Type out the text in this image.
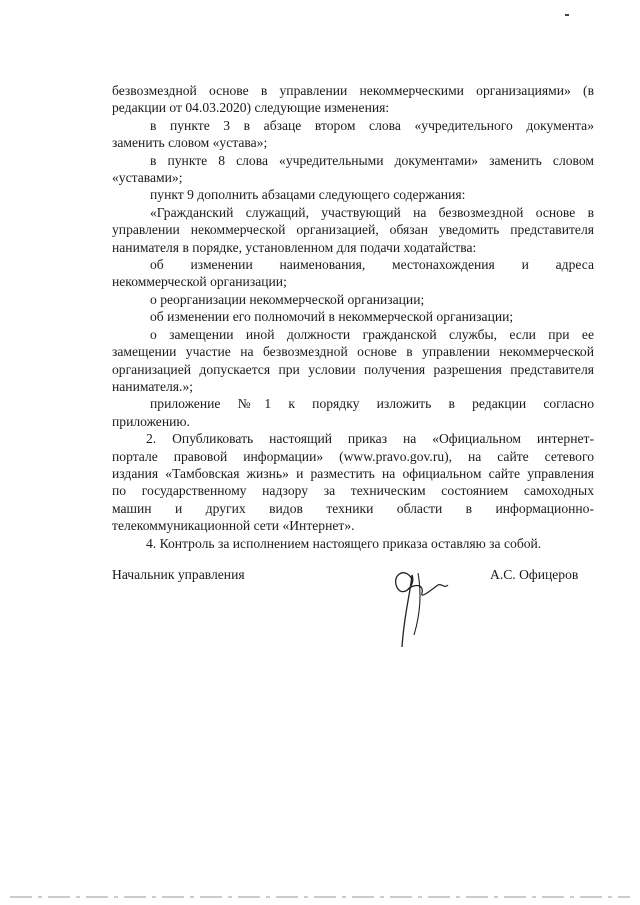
безвозмездной основе в управлении некоммерческими организациями» (в

редакции от 04.03.2020) следующие изменения:

в пункте 3 в абзаце втором слова «учредительного документа»

заменить словом «устава»;

в пункте 8 слова «учредительными документами» заменить словом

«уставами»;

пункт 9 дополнить абзацами следующего содержания:

«Гражданский служащий, участвующий на безвозмездной основе в

управлении некоммерческой организацией, обязан уведомить представителя

нанимателя в порядке, установленном для подачи ходатайства:

об изменении наименования, местонахождения и адреса

некоммерческой организации;

о реорганизации некоммерческой организации;

об изменении его полномочий в некоммерческой организации;

о замещении иной должности гражданской службы, если при ее

замещении участие на безвозмездной основе в управлении некоммерческой

организацией допускается при условии получения разрешения представителя

нанимателя.»;

приложение №1 к порядку изложить в редакции согласно

приложению.

2. Опубликовать настоящий приказ на «Официальном интернет-

портале правовой информации» (www.pravo.gov.ru), на сайте сетевого

издания «Тамбовская жизнь» и разместить на официальном сайте управления

по государственному надзору за техническим состоянием самоходных

машин и других видов техники области в информационно-

телекоммуникационной сети «Интернет».

4. Контроль за исполнением настоящего приказа оставляю за собой.

Начальник управления	А.С. Офицеров
